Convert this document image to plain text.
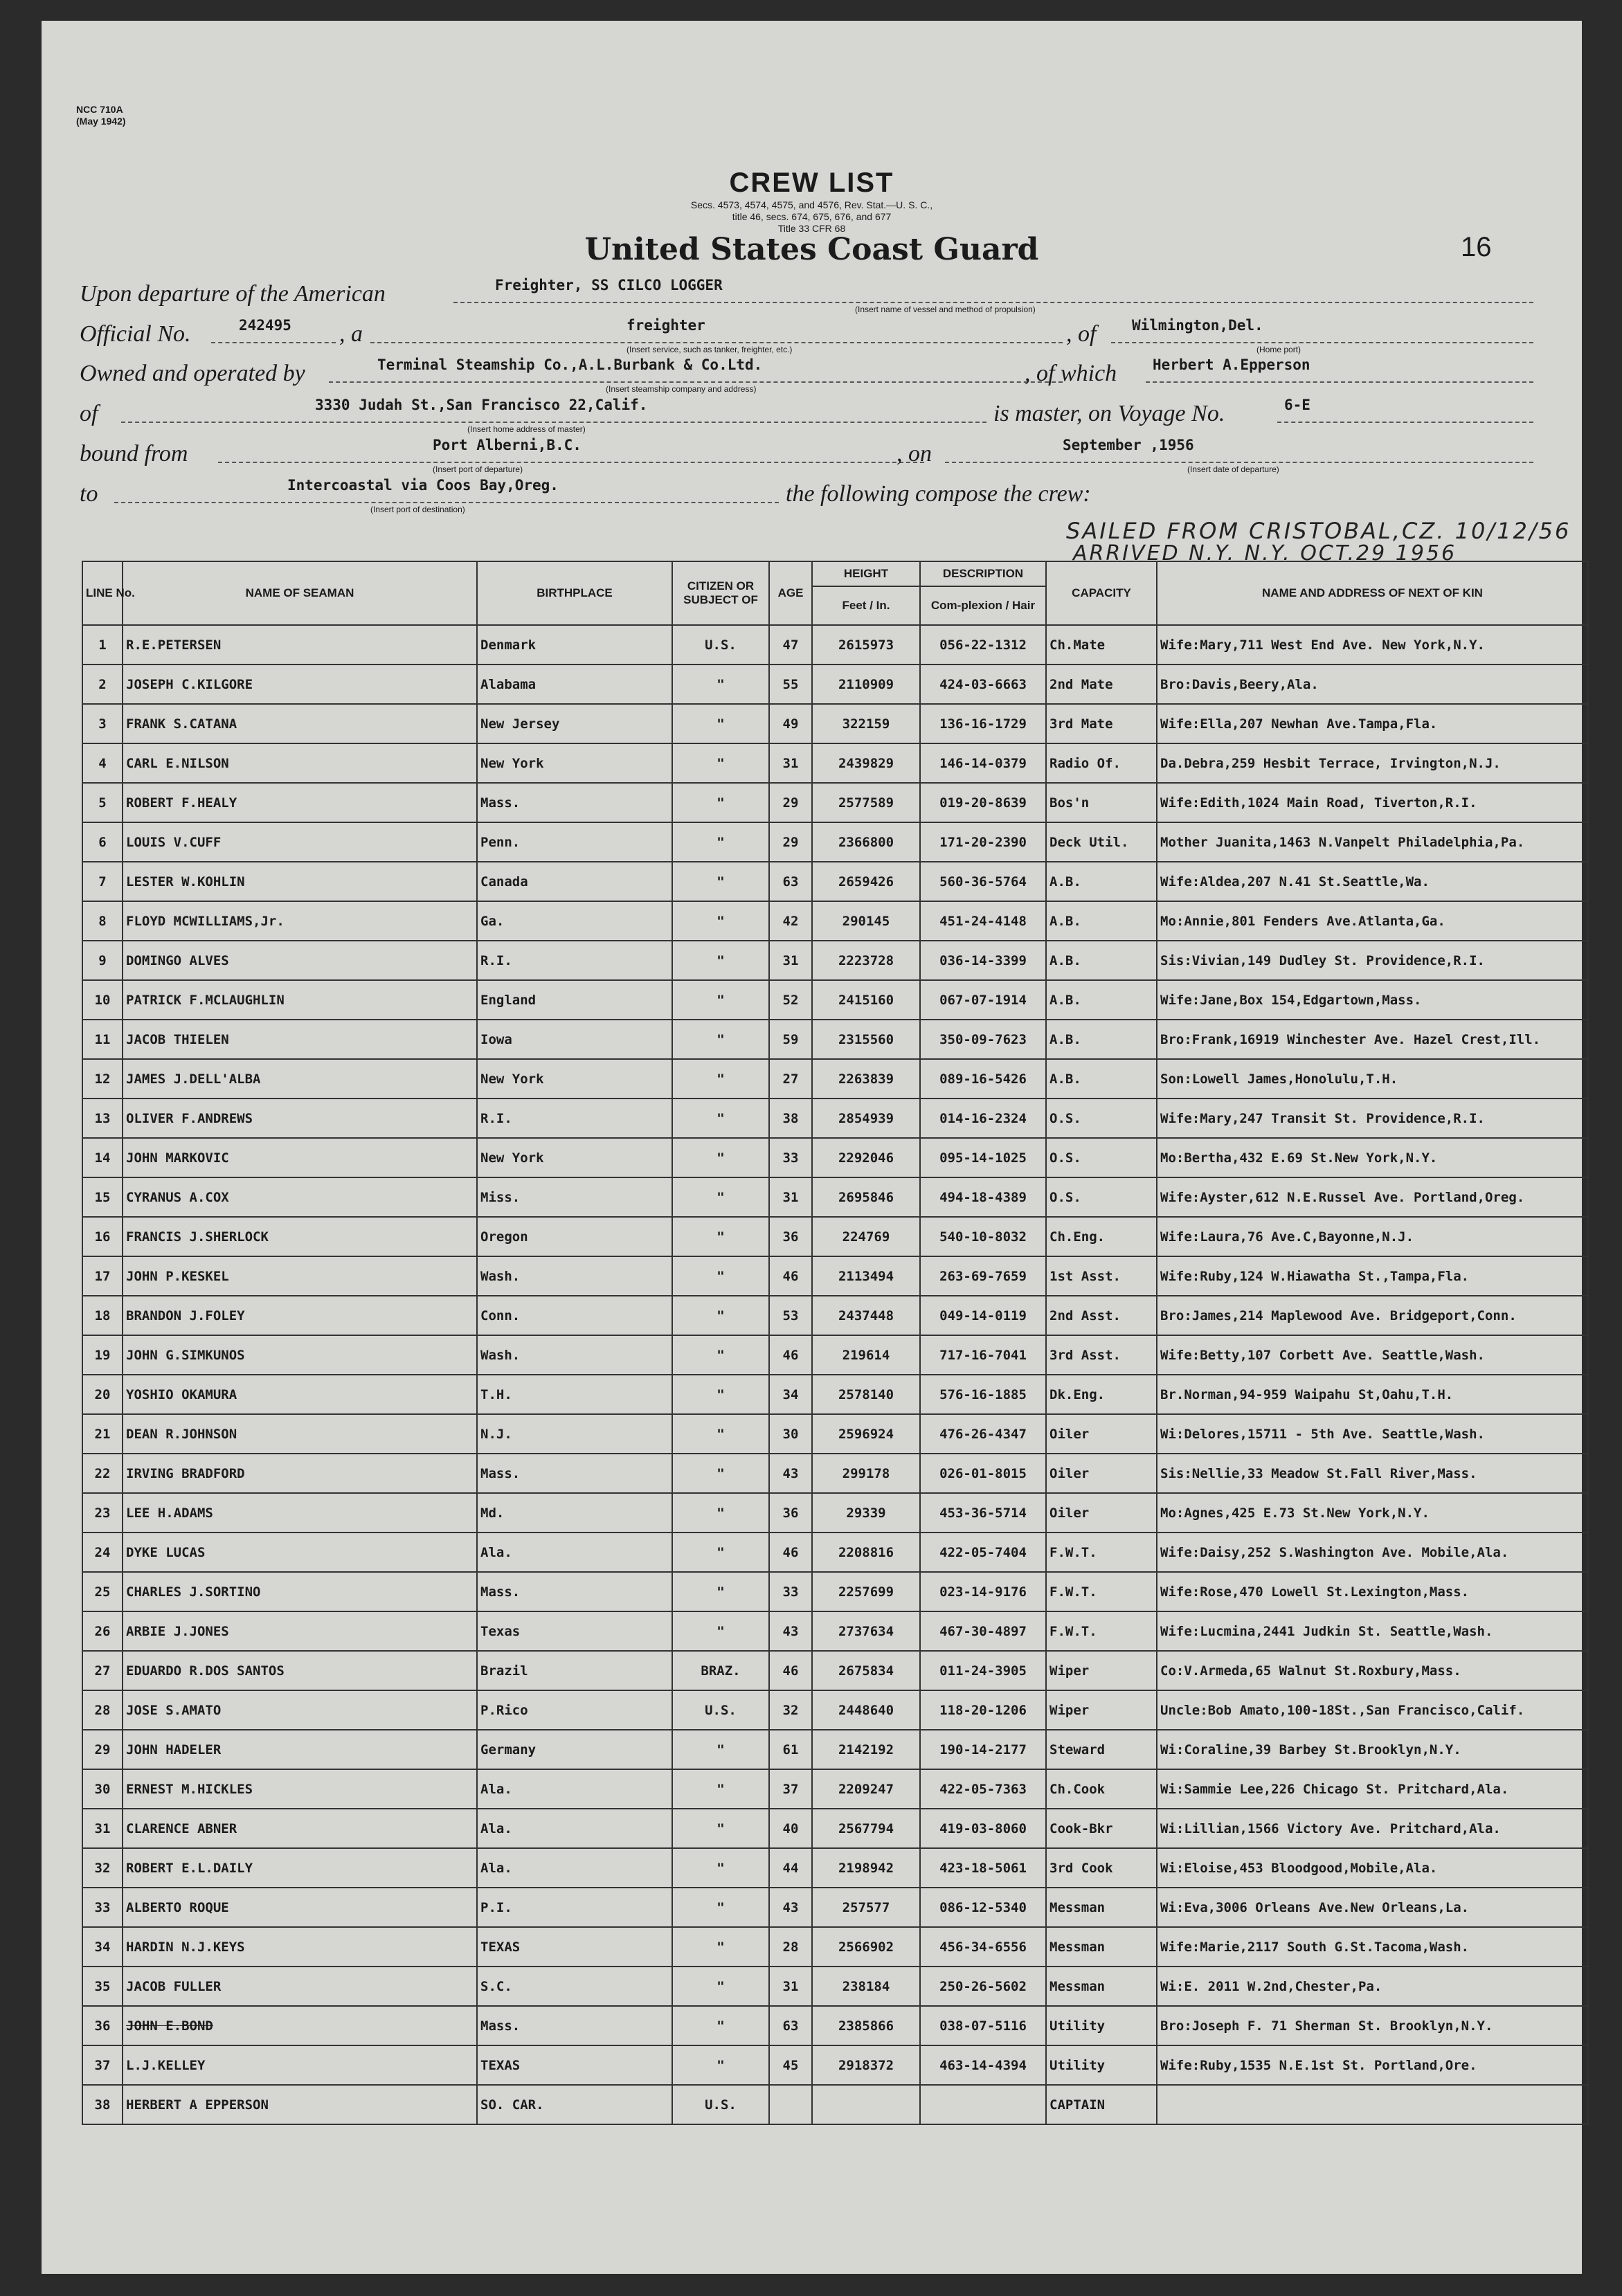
NCC 710A
(May 1942)
CREW LIST
Secs. 4573, 4574, 4575, and 4576, Rev. Stat.—U. S. C.,
title 46, secs. 674, 675, 676, and 677
Title 33 CFR 68
United States Coast Guard	16
Upon departure of the American	Freighter, SS CILCO LOGGER
(Insert name of vessel and method of propulsion)
Official No.	242495 , a	freighter
(Insert service, such as tanker, freighter, etc.)
, of Wilmington,Del.
(Home port)
Owned and operated by	Terminal Steamship Co.,A.L.Burbank & Co.Ltd.
(Insert steamship company and address)
, of which Herbert A.Epperson
of	3330 Judah St.,San Francisco 22,Calif.
(Insert home address of master)
is master, on Voyage No.	6-E
bound from	Port Alberni,B.C.
(Insert port of departure)
, on	September ,1956
(Insert date of departure)
to	Intercoastal via Coos Bay,Oreg.
(Insert port of destination)
the following compose the crew:
SAILED FROM CRISTOBAL,CZ. 10/12/56
ARRIVED N.Y. N.Y. OCT.29 1956
LINE No.	NAME OF SEAMAN	BIRTHPLACE	CITIZEN OR SUBJECT OF	AGE	HEIGHT	DESCRIPTION	CAPACITY	NAME AND ADDRESS OF NEXT OF KIN
					Feet / In.	Com-plexion / Hair		
1	R.E.PETERSEN	Denmark	U.S.	47	2615973	056-22-1312	Ch.Mate	Wife:Mary,711 West End Ave. New York,N.Y.
2	JOSEPH C.KILGORE	Alabama	"	55	2110909	424-03-6663	2nd Mate	Bro:Davis,Beery,Ala.
3	FRANK S.CATANA	New Jersey	"	49	322159	136-16-1729	3rd Mate	Wife:Ella,207 Newhan Ave.Tampa,Fla.
4	CARL E.NILSON	New York	"	31	2439829	146-14-0379	Radio Of.	Da.Debra,259 Hesbit Terrace, Irvington,N.J.
5	ROBERT F.HEALY	Mass.	"	29	2577589	019-20-8639	Bos'n	Wife:Edith,1024 Main Road, Tiverton,R.I.
6	LOUIS V.CUFF	Penn.	"	29	2366800	171-20-2390	Deck Util.	Mother Juanita,1463 N.Vanpelt Philadelphia,Pa.
7	LESTER W.KOHLIN	Canada	"	63	2659426	560-36-5764	A.B.	Wife:Aldea,207 N.41 St.Seattle,Wa.
8	FLOYD MCWILLIAMS,Jr.	Ga.	"	42	290145	451-24-4148	A.B.	Mo:Annie,801 Fenders Ave.Atlanta,Ga.
9	DOMINGO ALVES	R.I.	"	31	2223728	036-14-3399	A.B.	Sis:Vivian,149 Dudley St. Providence,R.I.
10	PATRICK F.MCLAUGHLIN	England	"	52	2415160	067-07-1914	A.B.	Wife:Jane,Box 154,Edgartown,Mass.
11	JACOB THIELEN	Iowa	"	59	2315560	350-09-7623	A.B.	Bro:Frank,16919 Winchester Ave. Hazel Crest,Ill.
12	JAMES J.DELL'ALBA	New York	"	27	2263839	089-16-5426	A.B.	Son:Lowell James,Honolulu,T.H.
13	OLIVER F.ANDREWS	R.I.	"	38	2854939	014-16-2324	O.S.	Wife:Mary,247 Transit St. Providence,R.I.
14	JOHN MARKOVIC	New York	"	33	2292046	095-14-1025	O.S.	Mo:Bertha,432 E.69 St.New York,N.Y.
15	CYRANUS A.COX	Miss.	"	31	2695846	494-18-4389	O.S.	Wife:Ayster,612 N.E.Russel Ave. Portland,Oreg.
16	FRANCIS J.SHERLOCK	Oregon	"	36	224769	540-10-8032	Ch.Eng.	Wife:Laura,76 Ave.C,Bayonne,N.J.
17	JOHN P.KESKEL	Wash.	"	46	2113494	263-69-7659	1st Asst.	Wife:Ruby,124 W.Hiawatha St.,Tampa,Fla.
18	BRANDON J.FOLEY	Conn.	"	53	2437448	049-14-0119	2nd Asst.	Bro:James,214 Maplewood Ave. Bridgeport,Conn.
19	JOHN G.SIMKUNOS	Wash.	"	46	219614	717-16-7041	3rd Asst.	Wife:Betty,107 Corbett Ave. Seattle,Wash.
20	YOSHIO OKAMURA	T.H.	"	34	2578140	576-16-1885	Dk.Eng.	Br.Norman,94-959 Waipahu St,Oahu,T.H.
21	DEAN R.JOHNSON	N.J.	"	30	2596924	476-26-4347	Oiler	Wi:Delores,15711 - 5th Ave. Seattle,Wash.
22	IRVING BRADFORD	Mass.	"	43	299178	026-01-8015	Oiler	Sis:Nellie,33 Meadow St.Fall River,Mass.
23	LEE H.ADAMS	Md.	"	36	29339	453-36-5714	Oiler	Mo:Agnes,425 E.73 St.New York,N.Y.
24	DYKE LUCAS	Ala.	"	46	2208816	422-05-7404	F.W.T.	Wife:Daisy,252 S.Washington Ave. Mobile,Ala.
25	CHARLES J.SORTINO	Mass.	"	33	2257699	023-14-9176	F.W.T.	Wife:Rose,470 Lowell St.Lexington,Mass.
26	ARBIE J.JONES	Texas	"	43	2737634	467-30-4897	F.W.T.	Wife:Lucmina,2441 Judkin St. Seattle,Wash.
27	EDUARDO R.DOS SANTOS	Brazil	BRAZ.	46	2675834	011-24-3905	Wiper	Co:V.Armeda,65 Walnut St.Roxbury,Mass.
28	JOSE S.AMATO	P.Rico	U.S.	32	2448640	118-20-1206	Wiper	Uncle:Bob Amato,100-18St.,San Francisco,Calif.
29	JOHN HADELER	Germany	"	61	2142192	190-14-2177	Steward	Wi:Coraline,39 Barbey St.Brooklyn,N.Y.
30	ERNEST M.HICKLES	Ala.	"	37	2209247	422-05-7363	Ch.Cook	Wi:Sammie Lee,226 Chicago St. Pritchard,Ala.
31	CLARENCE ABNER	Ala.	"	40	2567794	419-03-8060	Cook-Bkr	Wi:Lillian,1566 Victory Ave. Pritchard,Ala.
32	ROBERT E.L.DAILY	Ala.	"	44	2198942	423-18-5061	3rd Cook	Wi:Eloise,453 Bloodgood,Mobile,Ala.
33	ALBERTO ROQUE	P.I.	"	43	257577	086-12-5340	Messman	Wi:Eva,3006 Orleans Ave.New Orleans,La.
34	HARDIN N.J.KEYS	TEXAS	"	28	2566902	456-34-6556	Messman	Wife:Marie,2117 South G.St.Tacoma,Wash.
35	JACOB FULLER	S.C.	"	31	238184	250-26-5602	Messman	Wi:E. 2011 W.2nd,Chester,Pa.
36	JOHN E.BOND	Mass.	"	63	2385866	038-07-5116	Utility	Bro:Joseph F. 71 Sherman St. Brooklyn,N.Y.
37	L.J.KELLEY	TEXAS	"	45	2918372	463-14-4394	Utility	Wife:Ruby,1535 N.E.1st St. Portland,Ore.
38	HERBERT A EPPERSON	SO. CAR.	U.S.				CAPTAIN	
